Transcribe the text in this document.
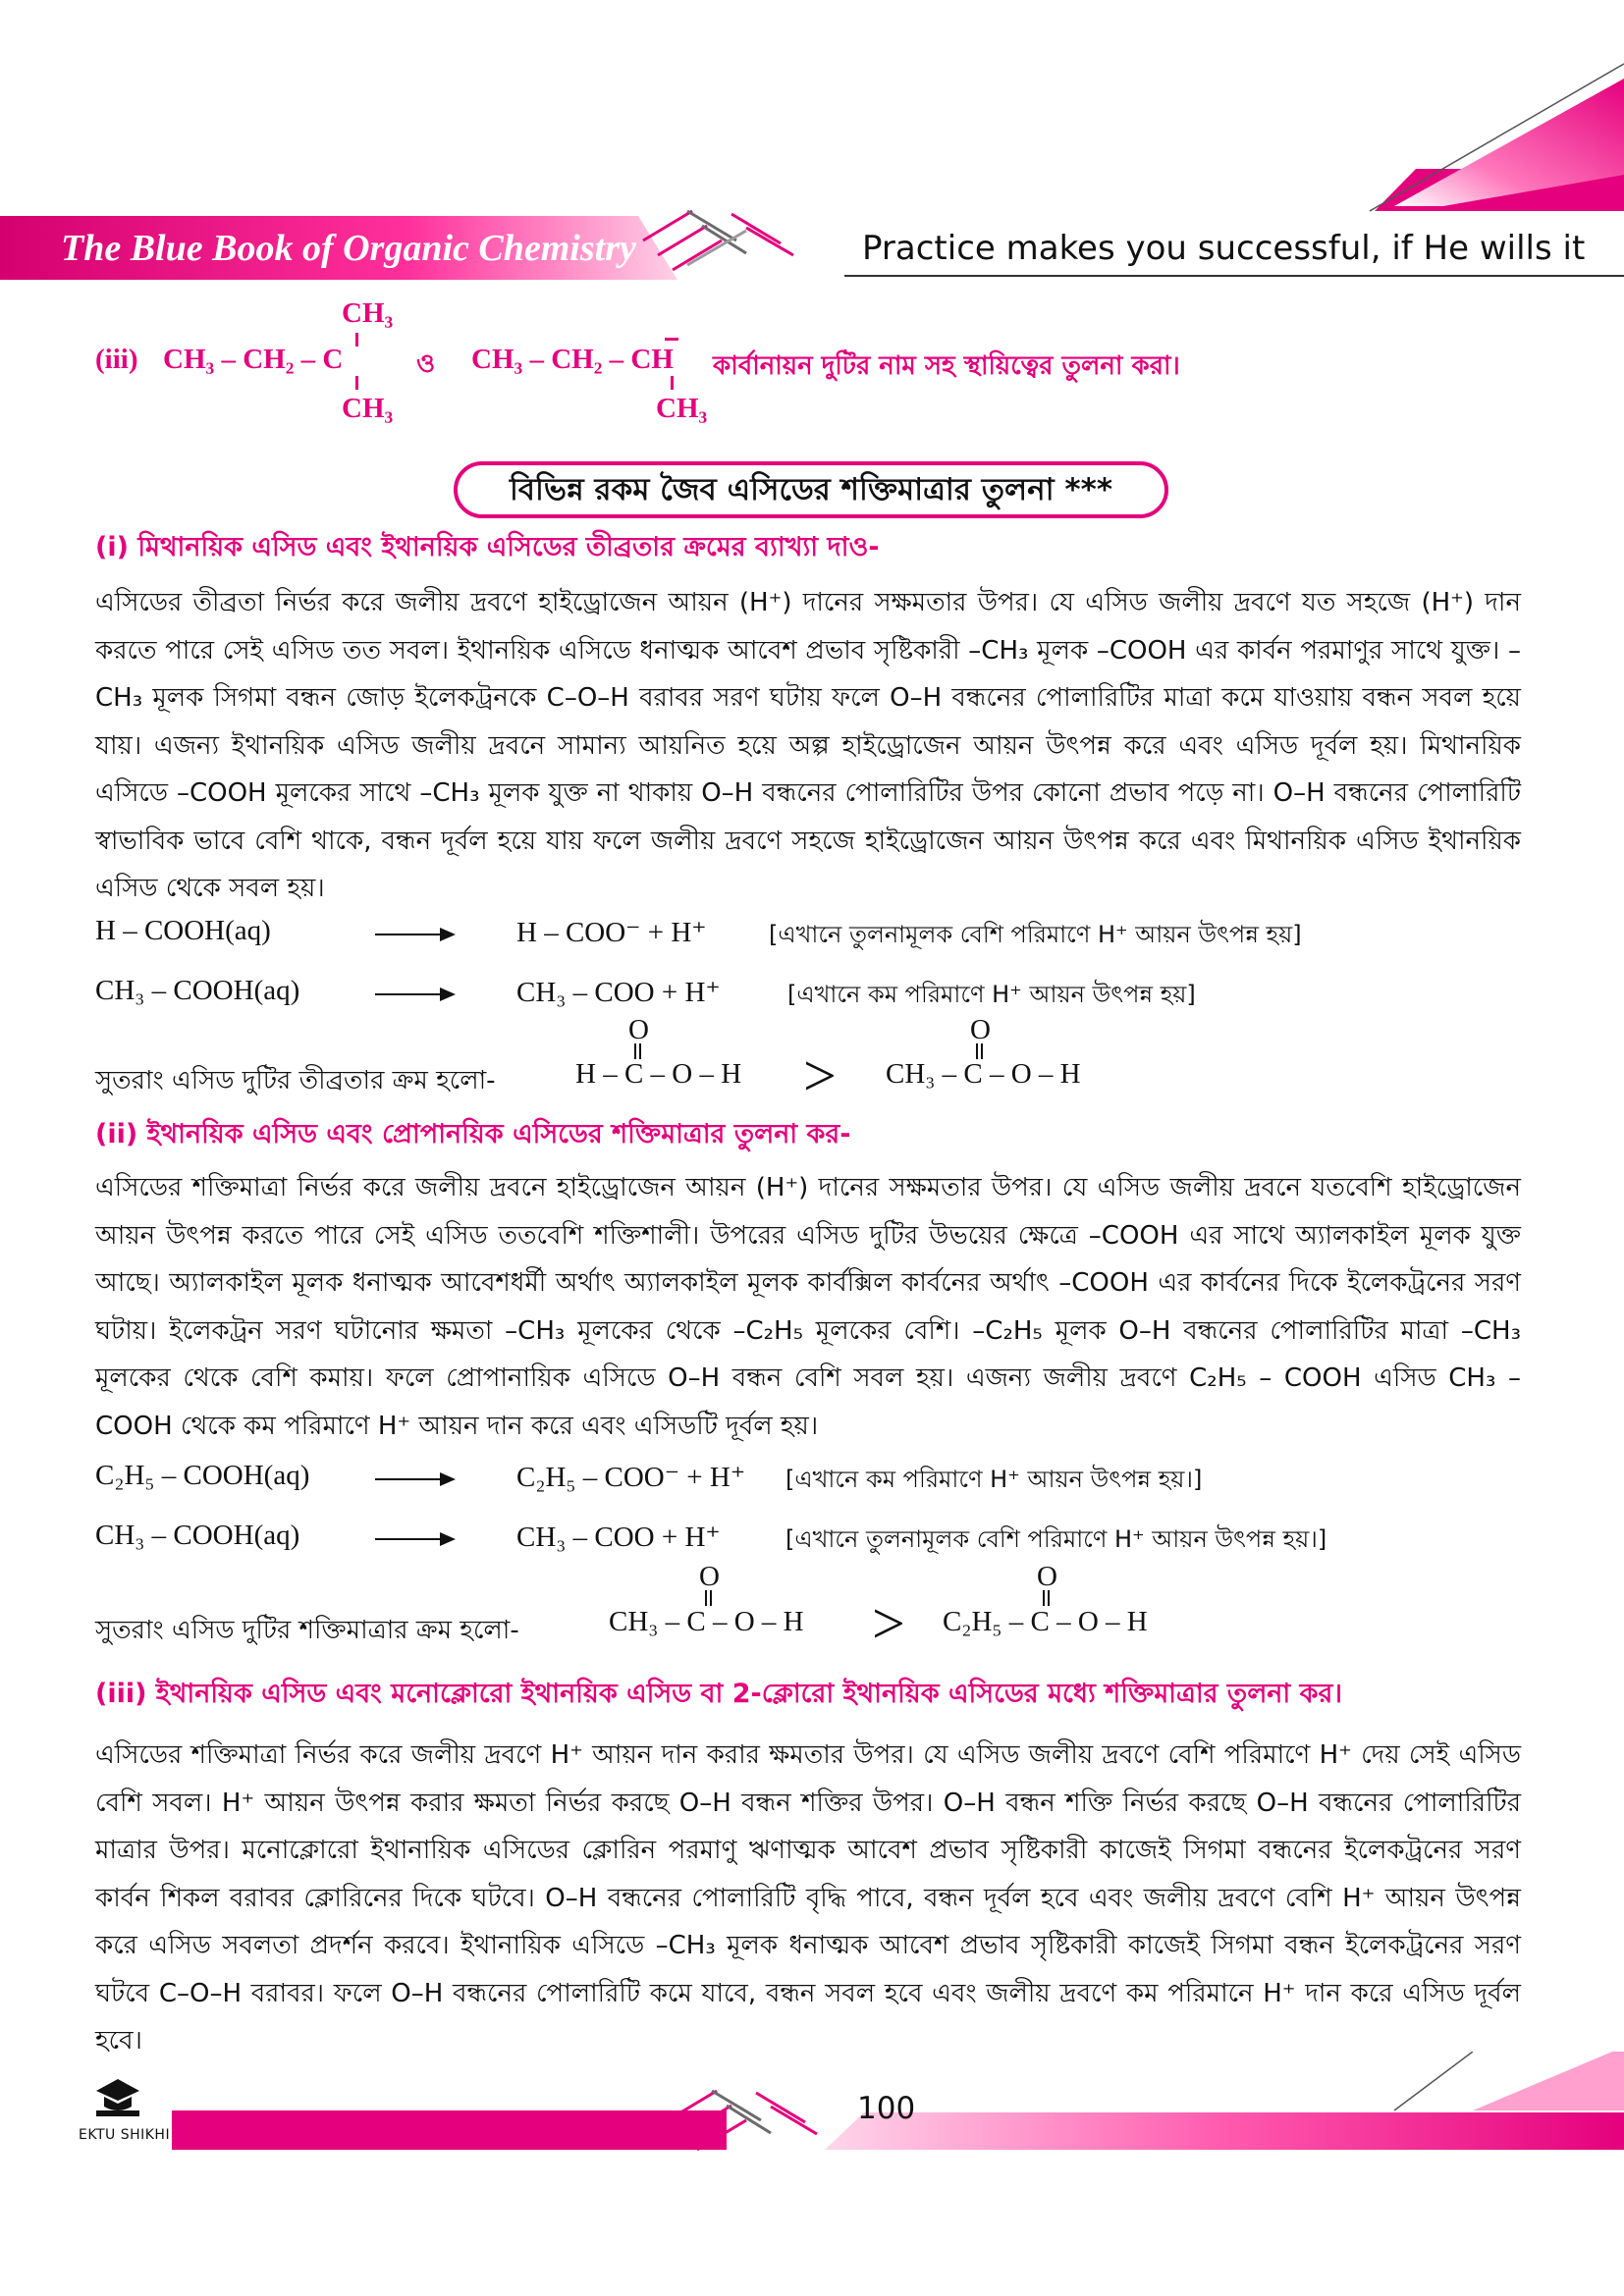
The Blue Book of Organic Chemistry	Practice makes you successful, if He wills it
(iii)
CH₃
CH₃ – CH₂ – C
CH₃
ও CH₃ – CH₂ – CH
CH₃
কার্বানায়ন দুটির নাম সহ স্থায়িত্বের তুলনা করা।
বিভিন্ন রকম জৈব এসিডের শক্তিমাত্রার তুলনা ***
(i) মিথানয়িক এসিড এবং ইথানয়িক এসিডের তীব্রতার ক্রমের ব্যাখ্যা দাও-
এসিডের তীব্রতা নির্ভর করে জলীয় দ্রবণে হাইড্রোজেন আয়ন (H⁺) দানের সক্ষমতার উপর। যে এসিড জলীয় দ্রবণে যত সহজে (H⁺) দান করতে পারে সেই এসিড তত সবল। ইথানয়িক এসিডে ধনাত্মক আবেশ প্রভাব সৃষ্টিকারী –CH₃ মূলক –COOH এর কার্বন পরমাণুর সাথে যুক্ত। –CH₃ মূলক সিগমা বন্ধন জোড় ইলেকট্রনকে C–O–H বরাবর সরণ ঘটায় ফলে O–H বন্ধনের পোলারিটির মাত্রা কমে যাওয়ায় বন্ধন সবল হয়ে যায়। এজন্য ইথানয়িক এসিড জলীয় দ্রবনে সামান্য আয়নিত হয়ে অল্প হাইড্রোজেন আয়ন উৎপন্ন করে এবং এসিড দূর্বল হয়। মিথানয়িক এসিডে –COOH মূলকের সাথে –CH₃ মূলক যুক্ত না থাকায় O–H বন্ধনের পোলারিটির উপর কোনো প্রভাব পড়ে না। O–H বন্ধনের পোলারিটি স্বাভাবিক ভাবে বেশি থাকে, বন্ধন দূর্বল হয়ে যায় ফলে জলীয় দ্রবণে সহজে হাইড্রোজেন আয়ন উৎপন্ন করে এবং মিথানয়িক এসিড ইথানয়িক এসিড থেকে সবল হয়।
H – COOH(aq)	H – COO⁻ + H⁺	[এখানে তুলনামূলক বেশি পরিমাণে H⁺ আয়ন উৎপন্ন হয়]
CH₃ – COOH(aq)	CH₃ – COO + H⁺	[এখানে কম পরিমাণে H⁺ আয়ন উৎপন্ন হয়]
সুতরাং এসিড দুটির তীব্রতার ক্রম হলো-
O
H – C – O – H >
O
CH₃ – C – O – H
(ii) ইথানয়িক এসিড এবং প্রোপানয়িক এসিডের শক্তিমাত্রার তুলনা কর-
এসিডের শক্তিমাত্রা নির্ভর করে জলীয় দ্রবনে হাইড্রোজেন আয়ন (H⁺) দানের সক্ষমতার উপর। যে এসিড জলীয় দ্রবনে যতবেশি হাইড্রোজেন আয়ন উৎপন্ন করতে পারে সেই এসিড ততবেশি শক্তিশালী। উপরের এসিড দুটির উভয়ের ক্ষেত্রে –COOH এর সাথে অ্যালকাইল মূলক যুক্ত আছে। অ্যালকাইল মূলক ধনাত্মক আবেশধর্মী অর্থাৎ অ্যালকাইল মূলক কার্বক্সিল কার্বনের অর্থাৎ –COOH এর কার্বনের দিকে ইলেকট্রনের সরণ ঘটায়। ইলেকট্রন সরণ ঘটানোর ক্ষমতা –CH₃ মূলকের থেকে –C₂H₅ মূলকের বেশি। –C₂H₅ মূলক O–H বন্ধনের পোলারিটির মাত্রা –CH₃ মূলকের থেকে বেশি কমায়। ফলে প্রোপানায়িক এসিডে O–H বন্ধন বেশি সবল হয়। এজন্য জলীয় দ্রবণে C₂H₅ – COOH এসিড CH₃ – COOH থেকে কম পরিমাণে H⁺ আয়ন দান করে এবং এসিডটি দূর্বল হয়।
C₂H₅ – COOH(aq)	C₂H₅ – COO⁻ + H⁺ [এখানে কম পরিমাণে H⁺ আয়ন উৎপন্ন হয়।]
CH₃ – COOH(aq)	CH₃ – COO + H⁺	[এখানে তুলনামূলক বেশি পরিমাণে H⁺ আয়ন উৎপন্ন হয়।]
সুতরাং এসিড দুটির শক্তিমাত্রার ক্রম হলো-
O
CH₃ – C – O – H >
O
C₂H₅ – C – O – H
(iii) ইথানয়িক এসিড এবং মনোক্লোরো ইথানয়িক এসিড বা 2-ক্লোরো ইথানয়িক এসিডের মধ্যে শক্তিমাত্রার তুলনা কর।
এসিডের শক্তিমাত্রা নির্ভর করে জলীয় দ্রবণে H⁺ আয়ন দান করার ক্ষমতার উপর। যে এসিড জলীয় দ্রবণে বেশি পরিমাণে H⁺ দেয় সেই এসিড বেশি সবল। H⁺ আয়ন উৎপন্ন করার ক্ষমতা নির্ভর করছে O–H বন্ধন শক্তির উপর। O–H বন্ধন শক্তি নির্ভর করছে O–H বন্ধনের পোলারিটির মাত্রার উপর। মনোক্লোরো ইথানায়িক এসিডের ক্লোরিন পরমাণু ঋণাত্মক আবেশ প্রভাব সৃষ্টিকারী কাজেই সিগমা বন্ধনের ইলেকট্রনের সরণ কার্বন শিকল বরাবর ক্লোরিনের দিকে ঘটবে। O–H বন্ধনের পোলারিটি বৃদ্ধি পাবে, বন্ধন দূর্বল হবে এবং জলীয় দ্রবণে বেশি H⁺ আয়ন উৎপন্ন করে এসিড সবলতা প্রদর্শন করবে। ইথানায়িক এসিডে –CH₃ মূলক ধনাত্মক আবেশ প্রভাব সৃষ্টিকারী কাজেই সিগমা বন্ধন ইলেকট্রনের সরণ ঘটবে C–O–H বরাবর। ফলে O–H বন্ধনের পোলারিটি কমে যাবে, বন্ধন সবল হবে এবং জলীয় দ্রবণে কম পরিমানে H⁺ দান করে এসিড দূর্বল হবে।
EKTU SHIKHI
100
